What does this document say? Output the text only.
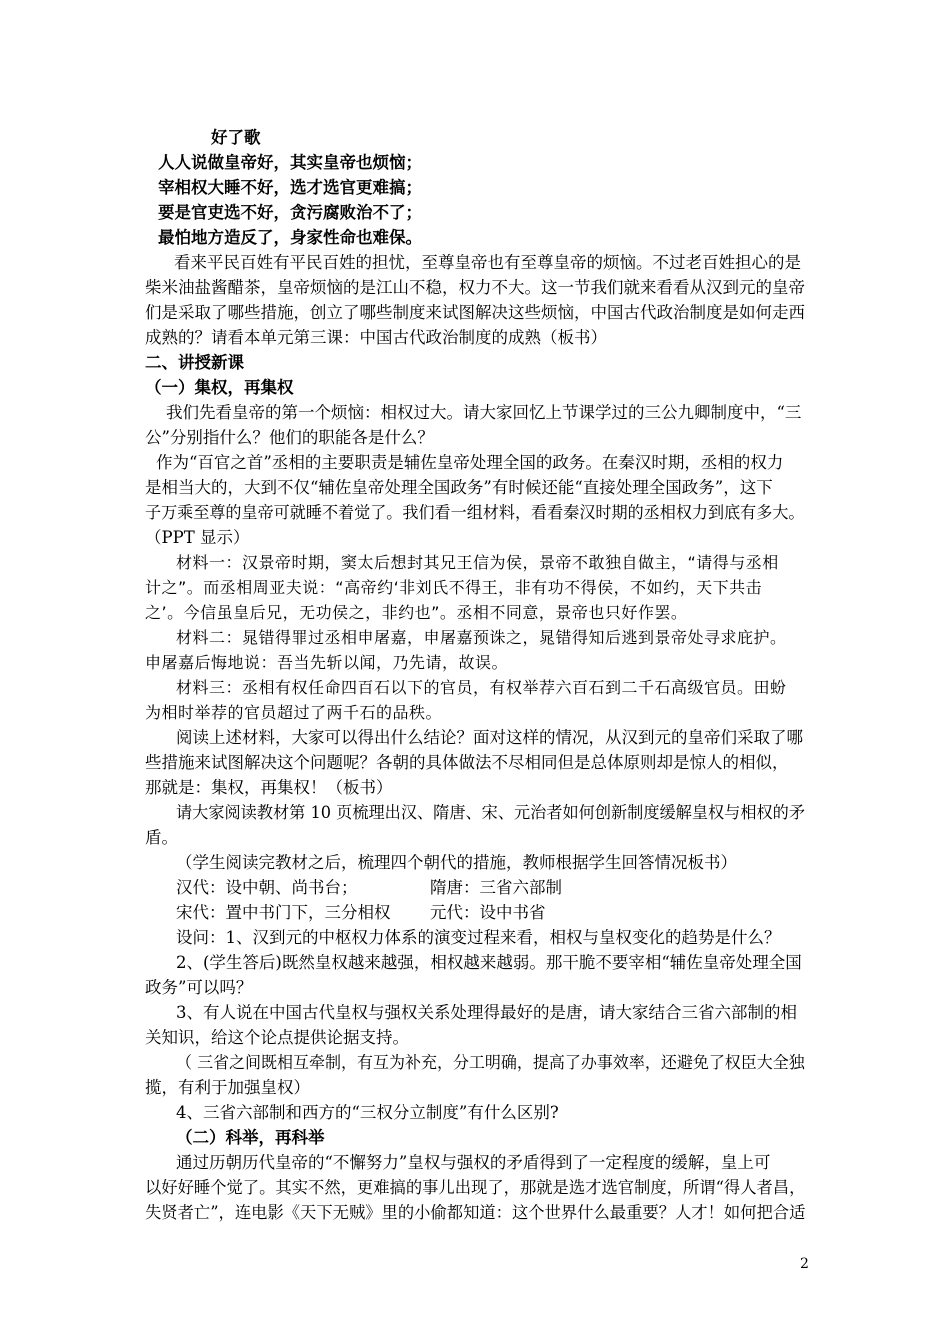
好了歌
人人说做皇帝好，其实皇帝也烦恼；
宰相权大睡不好，选才选官更难搞；
要是官吏选不好，贪污腐败治不了；
最怕地方造反了，身家性命也难保。
看来平民百姓有平民百姓的担忧，至尊皇帝也有至尊皇帝的烦恼。不过老百姓担心的是
柴米油盐酱醋茶，皇帝烦恼的是江山不稳，权力不大。这一节我们就来看看从汉到元的皇帝
们是采取了哪些措施，创立了哪些制度来试图解决这些烦恼，中国古代政治制度是如何走西
成熟的？请看本单元第三课：中国古代政治制度的成熟（板书）
二、讲授新课
（一）集权，再集权
我们先看皇帝的第一个烦恼：相权过大。请大家回忆上节课学过的三公九卿制度中，“三
公”分别指什么？他们的职能各是什么？
作为“百官之首”丞相的主要职责是辅佐皇帝处理全国的政务。在秦汉时期，丞相的权力
是相当大的，大到不仅“辅佐皇帝处理全国政务”有时候还能“直接处理全国政务”，这下
子万乘至尊的皇帝可就睡不着觉了。我们看一组材料，看看秦汉时期的丞相权力到底有多大。
（PPT 显示）
材料一：汉景帝时期，窦太后想封其兄王信为侯，景帝不敢独自做主，“请得与丞相
计之”。而丞相周亚夫说：“高帝约‘非刘氏不得王，非有功不得侯，不如约，天下共击
之’。今信虽皇后兄，无功侯之，非约也”。丞相不同意，景帝也只好作罢。
材料二：晁错得罪过丞相申屠嘉，申屠嘉预诛之，晁错得知后逃到景帝处寻求庇护。
申屠嘉后悔地说：吾当先斩以闻，乃先请，故误。
材料三：丞相有权任命四百石以下的官员，有权举荐六百石到二千石高级官员。田蚡
为相时举荐的官员超过了两千石的品秩。
阅读上述材料，大家可以得出什么结论？面对这样的情况，从汉到元的皇帝们采取了哪
些措施来试图解决这个问题呢？各朝的具体做法不尽相同但是总体原则却是惊人的相似，
那就是：集权，再集权！（板书）
请大家阅读教材第 10 页梳理出汉、隋唐、宋、元治者如何创新制度缓解皇权与相权的矛
盾。
（学生阅读完教材之后，梳理四个朝代的措施，教师根据学生回答情况板书）
汉代：设中朝、尚书台；	隋唐：三省六部制
宋代：置中书门下，三分相权 元代：设中书省
设问：1、汉到元的中枢权力体系的演变过程来看，相权与皇权变化的趋势是什么？
2、(学生答后)既然皇权越来越强，相权越来越弱。那干脆不要宰相“辅佐皇帝处理全国
政务”可以吗？
3、有人说在中国古代皇权与强权关系处理得最好的是唐，请大家结合三省六部制的相
关知识，给这个论点提供论据支持。
（ 三省之间既相互牵制，有互为补充，分工明确，提高了办事效率，还避免了权臣大全独
揽，有利于加强皇权）
4、三省六部制和西方的“三权分立制度”有什么区别?
（二）科举，再科举
通过历朝历代皇帝的“不懈努力”皇权与强权的矛盾得到了一定程度的缓解，皇上可
以好好睡个觉了。其实不然，更难搞的事儿出现了，那就是选才选官制度，所谓“得人者昌，
失贤者亡”，连电影《天下无贼》里的小偷都知道：这个世界什么最重要？人才！如何把合适
2
